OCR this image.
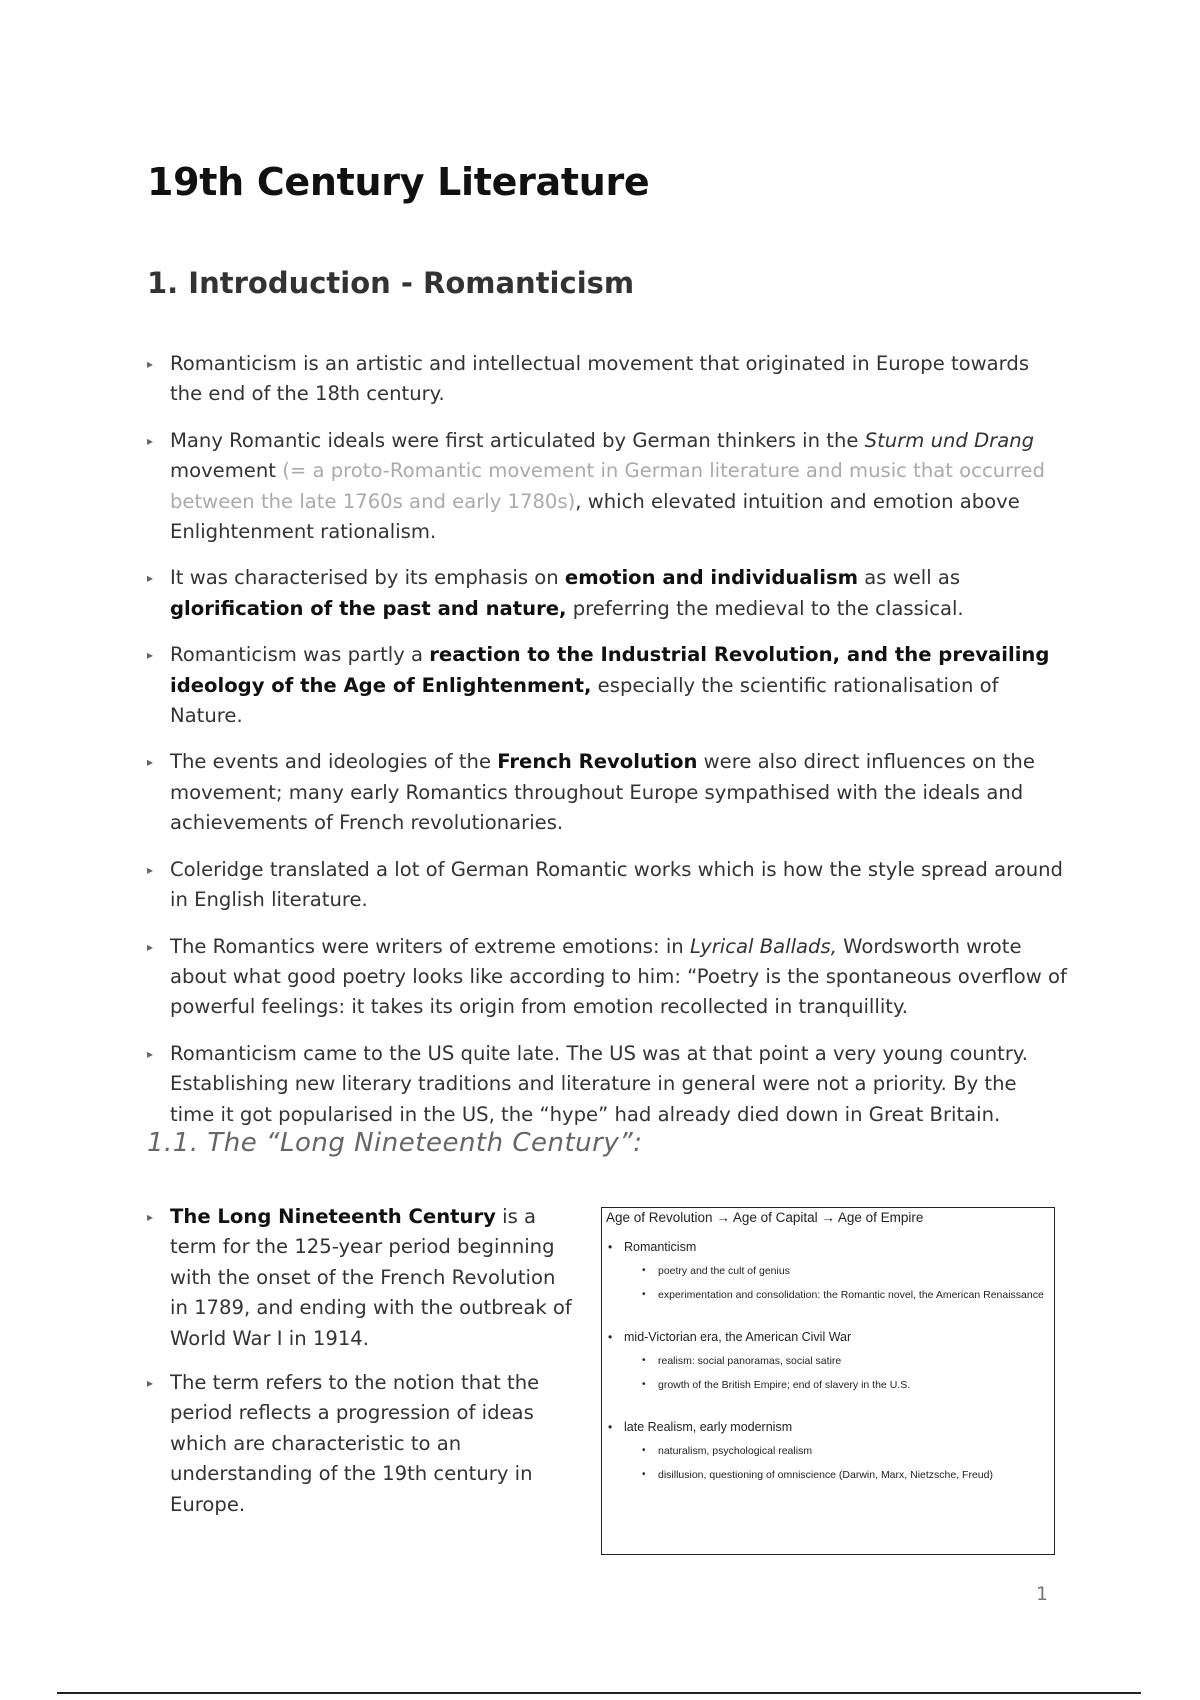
19th Century Literature
1. Introduction - Romanticism
▸ Romanticism is an artistic and intellectual movement that originated in Europe towards the end of the 18th century.
▸ Many Romantic ideals were first articulated by German thinkers in the Sturm und Drang movement (= a proto-Romantic movement in German literature and music that occurred between the late 1760s and early 1780s), which elevated intuition and emotion above Enlightenment rationalism.
▸ It was characterised by its emphasis on emotion and individualism as well as glorification of the past and nature, preferring the medieval to the classical.
▸ Romanticism was partly a reaction to the Industrial Revolution, and the prevailing ideology of the Age of Enlightenment, especially the scientific rationalisation of Nature.
▸ The events and ideologies of the French Revolution were also direct influences on the movement; many early Romantics throughout Europe sympathised with the ideals and achievements of French revolutionaries.
▸ Coleridge translated a lot of German Romantic works which is how the style spread around in English literature.
▸ The Romantics were writers of extreme emotions: in Lyrical Ballads, Wordsworth wrote about what good poetry looks like according to him: “Poetry is the spontaneous overflow of powerful feelings: it takes its origin from emotion recollected in tranquillity.
▸ Romanticism came to the US quite late. The US was at that point a very young country. Establishing new literary traditions and literature in general were not a priority. By the time it got popularised in the US, the “hype” had already died down in Great Britain.
1.1. The “Long Nineteenth Century”:
▸ The Long Nineteenth Century is a term for the 125-year period beginning with the onset of the French Revolution in 1789, and ending with the outbreak of World War I in 1914.
▸ The term refers to the notion that the period reflects a progression of ideas which are characteristic to an understanding of the 19th century in Europe.
Age of Revolution → Age of Capital → Age of Empire
• Romanticism
• poetry and the cult of genius
• experimentation and consolidation: the Romantic novel, the American Renaissance
• mid-Victorian era, the American Civil War
• realism: social panoramas, social satire
• growth of the British Empire; end of slavery in the U.S.
• late Realism, early modernism
• naturalism, psychological realism
• disillusion, questioning of omniscience (Darwin, Marx, Nietzsche, Freud)
1
